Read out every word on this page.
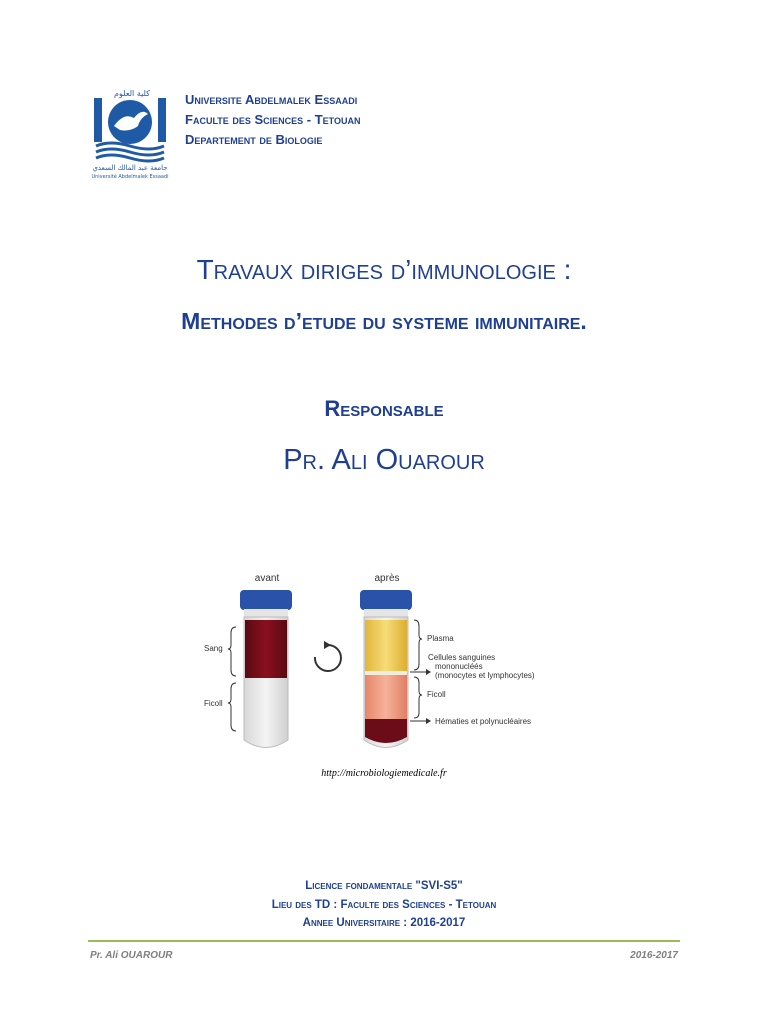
كلية العلوم
جامعة عبد المالك السعدي
Université Abdelmalek Essaadi
Universite Abdelmalek Essaadi
Faculte des Sciences - Tetouan
Departement de Biologie
Travaux diriges d’immunologie :
Methodes d’etude du systeme immunitaire.
Responsable
Pr. Ali Ouarour
avant	après
Sang
Ficoll
Plasma
Cellules sanguines
mononucléés
(monocytes et lymphocytes)
Ficoll
Hématies et polynucléaires
http://microbiologiemedicale.fr
Licence fondamentale "SVI-S5"
Lieu des TD : Faculte des Sciences - Tetouan
Annee Universitaire : 2016-2017
Pr. Ali OUAROUR	2016-2017
